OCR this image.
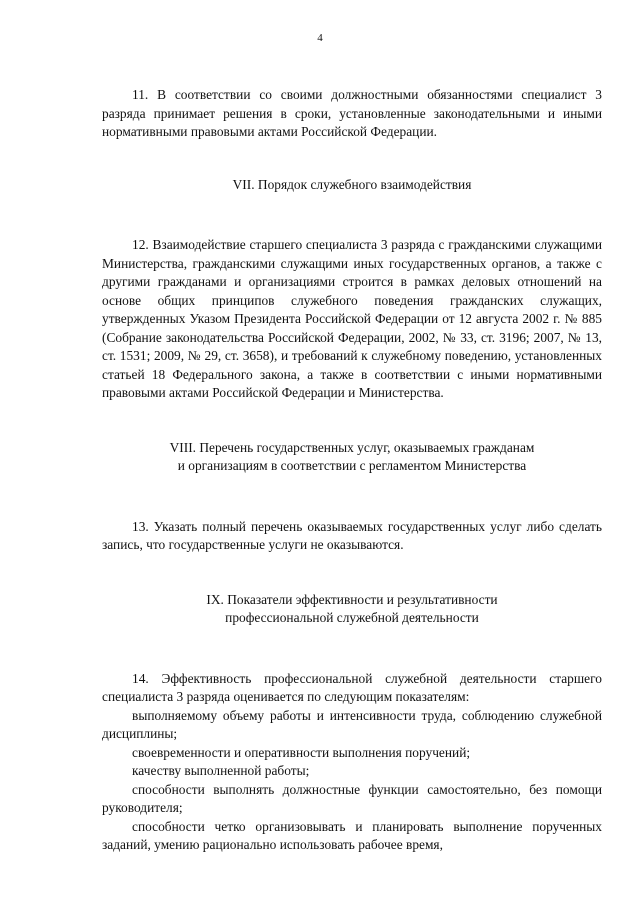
4

11. В соответствии со своими должностными обязанностями специалист 3 разряда принимает решения в сроки, установленные законодательными и иными нормативными правовыми актами Российской Федерации.

VII. Порядок служебного взаимодействия

12. Взаимодействие старшего специалиста 3 разряда с гражданскими служащими Министерства, гражданскими служащими иных государственных органов, а также с другими гражданами и организациями строится в рамках деловых отношений на основе общих принципов служебного поведения гражданских служащих, утвержденных Указом Президента Российской Федерации от 12 августа 2002 г. № 885 (Собрание законодательства Российской Федерации, 2002, № 33, ст. 3196; 2007, № 13, ст. 1531; 2009, № 29, ст. 3658), и требований к служебному поведению, установленных статьей 18 Федерального закона, а также в соответствии с иными нормативными правовыми актами Российской Федерации и Министерства.

VIII. Перечень государственных услуг, оказываемых гражданам
и организациям в соответствии с регламентом Министерства

13. Указать полный перечень оказываемых государственных услуг либо сделать запись, что государственные услуги не оказываются.

IX. Показатели эффективности и результативности
профессиональной служебной деятельности

14. Эффективность профессиональной служебной деятельности старшего специалиста 3 разряда оценивается по следующим показателям:

выполняемому объему работы и интенсивности труда, соблюдению служебной дисциплины;

своевременности и оперативности выполнения поручений;

качеству выполненной работы;

способности выполнять должностные функции самостоятельно, без помощи руководителя;

способности четко организовывать и планировать выполнение порученных заданий, умению рационально использовать рабочее время,
